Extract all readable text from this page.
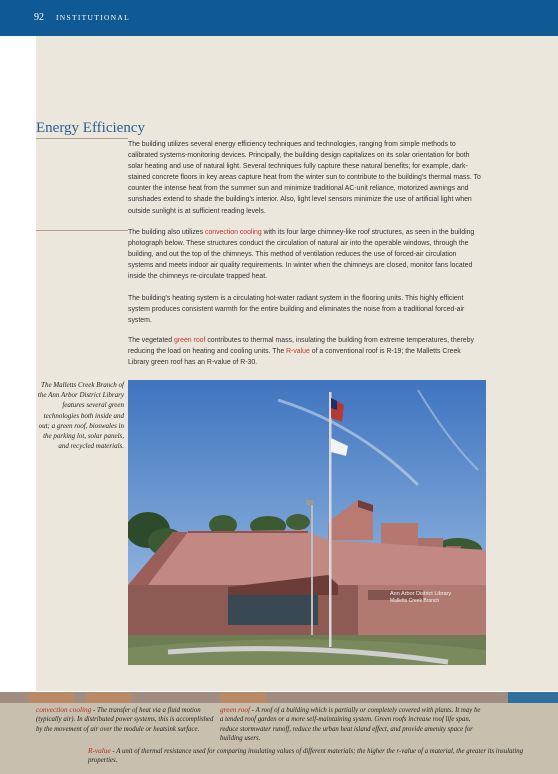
92 INSTITUTIONAL
Energy Efficiency

The building utilizes several energy efficiency techniques and technologies, ranging from simple methods to calibrated systems-monitoring devices. Principally, the building design capitalizes on its solar orientation for both solar heating and use of natural light. Several techniques fully capture these natural benefits; for example, dark-stained concrete floors in key areas capture heat from the winter sun to contribute to the building's thermal mass. To counter the intense heat from the summer sun and minimize traditional AC-unit reliance, motorized awnings and sunshades extend to shade the building's interior. Also, light level sensors minimize the use of artificial light when outside sunlight is at sufficient reading levels.

The building also utilizes convection cooling with its four large chimney-like roof structures, as seen in the building photograph below. These structures conduct the circulation of natural air into the operable windows, through the building, and out the top of the chimneys. This method of ventilation reduces the use of forced-air circulation systems and meets indoor air quality requirements. In winter when the chimneys are closed, monitor fans located inside the chimneys re-circulate trapped heat.

The building's heating system is a circulating hot-water radiant system in the flooring units. This highly efficient system produces consistent warmth for the entire building and eliminates the noise from a traditional forced-air system.

The vegetated green roof contributes to thermal mass, insulating the building from extreme temperatures, thereby reducing the load on heating and cooling units. The R-value of a conventional roof is R-19; the Malletts Creek Library green roof has an R-value of R-30.

The Malletts Creek Branch of the Ann Arbor District Library features several green technologies both inside and out; a green roof, bioswales in the parking lot, solar panels, and recycled materials.

Ann Arbor District Library
Malletts Creek Branch

convection cooling - The transfer of heat via a fluid motion (typically air). In distributed power systems, this is accomplished by the movement of air over the module or heatsink surface.

green roof - A roof of a building which is partially or completely covered with plants. It may be a tended roof garden or a more self-maintaining system. Green roofs increase roof life span, reduce stormwater runoff, reduce the urban heat island effect, and provide amenity space for building users.

R-value - A unit of thermal resistance used for comparing insulating values of different materials; the higher the r-value of a material, the greater its insulating properties.
